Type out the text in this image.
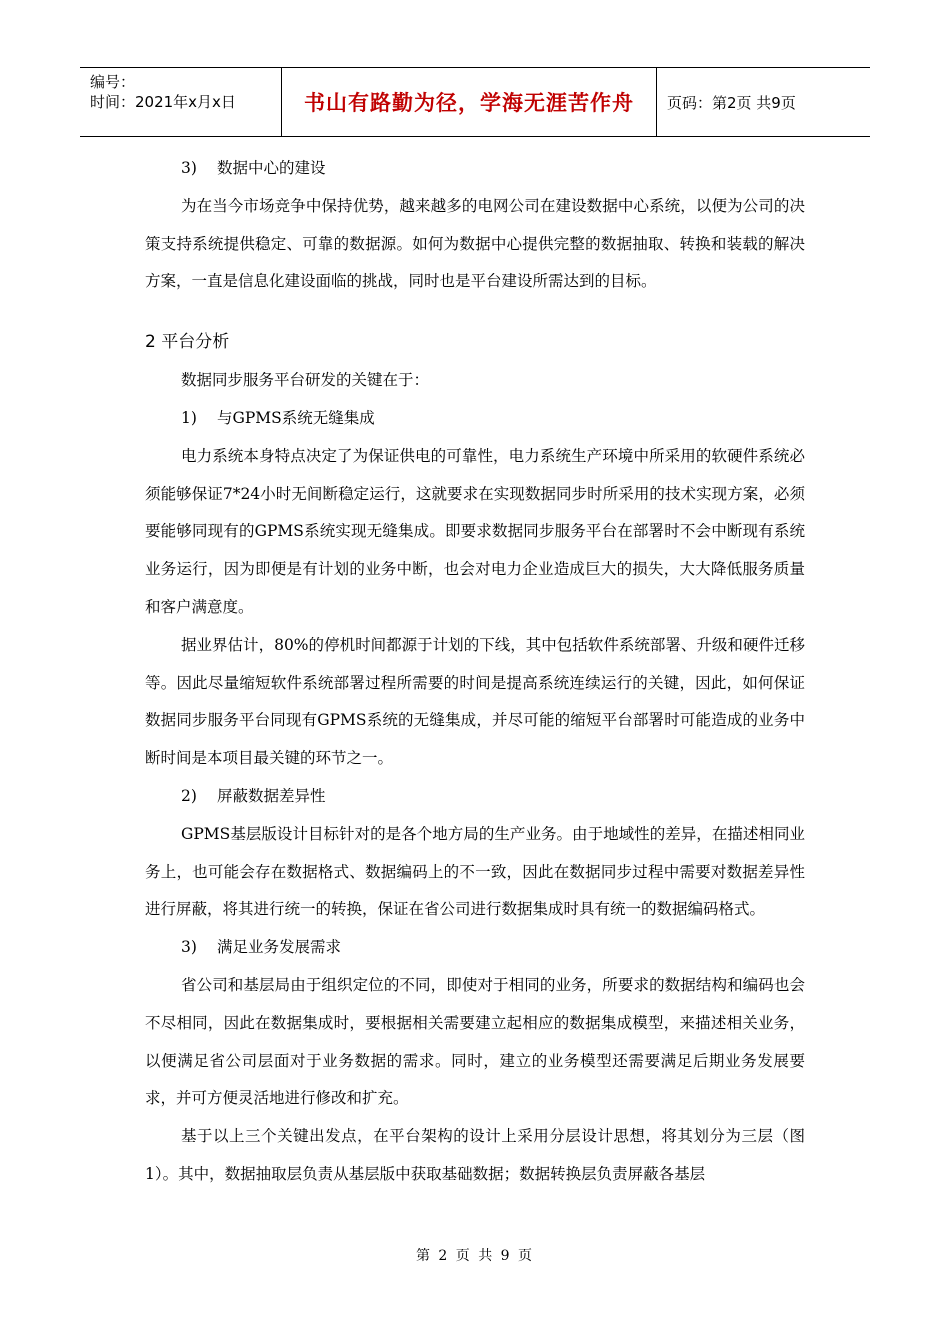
编号：
时间：2021年x月x日	书山有路勤为径，学海无涯苦作舟	页码：第2页 共9页

3) 数据中心的建设

为在当今市场竞争中保持优势，越来越多的电网公司在建设数据中心系统，以便为公司的决策支持系统提供稳定、可靠的数据源。如何为数据中心提供完整的数据抽取、转换和装载的解决方案，一直是信息化建设面临的挑战，同时也是平台建设所需达到的目标。

2 平台分析

数据同步服务平台研发的关键在于：

1) 与GPMS系统无缝集成

电力系统本身特点决定了为保证供电的可靠性，电力系统生产环境中所采用的软硬件系统必须能够保证7*24小时无间断稳定运行，这就要求在实现数据同步时所采用的技术实现方案，必须要能够同现有的GPMS系统实现无缝集成。即要求数据同步服务平台在部署时不会中断现有系统业务运行，因为即便是有计划的业务中断，也会对电力企业造成巨大的损失，大大降低服务质量和客户满意度。

据业界估计，80%的停机时间都源于计划的下线，其中包括软件系统部署、升级和硬件迁移等。因此尽量缩短软件系统部署过程所需要的时间是提高系统连续运行的关键，因此，如何保证数据同步服务平台同现有GPMS系统的无缝集成，并尽可能的缩短平台部署时可能造成的业务中断时间是本项目最关键的环节之一。

2) 屏蔽数据差异性

GPMS基层版设计目标针对的是各个地方局的生产业务。由于地域性的差异，在描述相同业务上，也可能会存在数据格式、数据编码上的不一致，因此在数据同步过程中需要对数据差异性进行屏蔽，将其进行统一的转换，保证在省公司进行数据集成时具有统一的数据编码格式。

3) 满足业务发展需求

省公司和基层局由于组织定位的不同，即使对于相同的业务，所要求的数据结构和编码也会不尽相同，因此在数据集成时，要根据相关需要建立起相应的数据集成模型，来描述相关业务，以便满足省公司层面对于业务数据的需求。同时，建立的业务模型还需要满足后期业务发展要求，并可方便灵活地进行修改和扩充。

基于以上三个关键出发点，在平台架构的设计上采用分层设计思想，将其划分为三层（图1）。其中，数据抽取层负责从基层版中获取基础数据；数据转换层负责屏蔽各基层

第 2 页 共 9 页
